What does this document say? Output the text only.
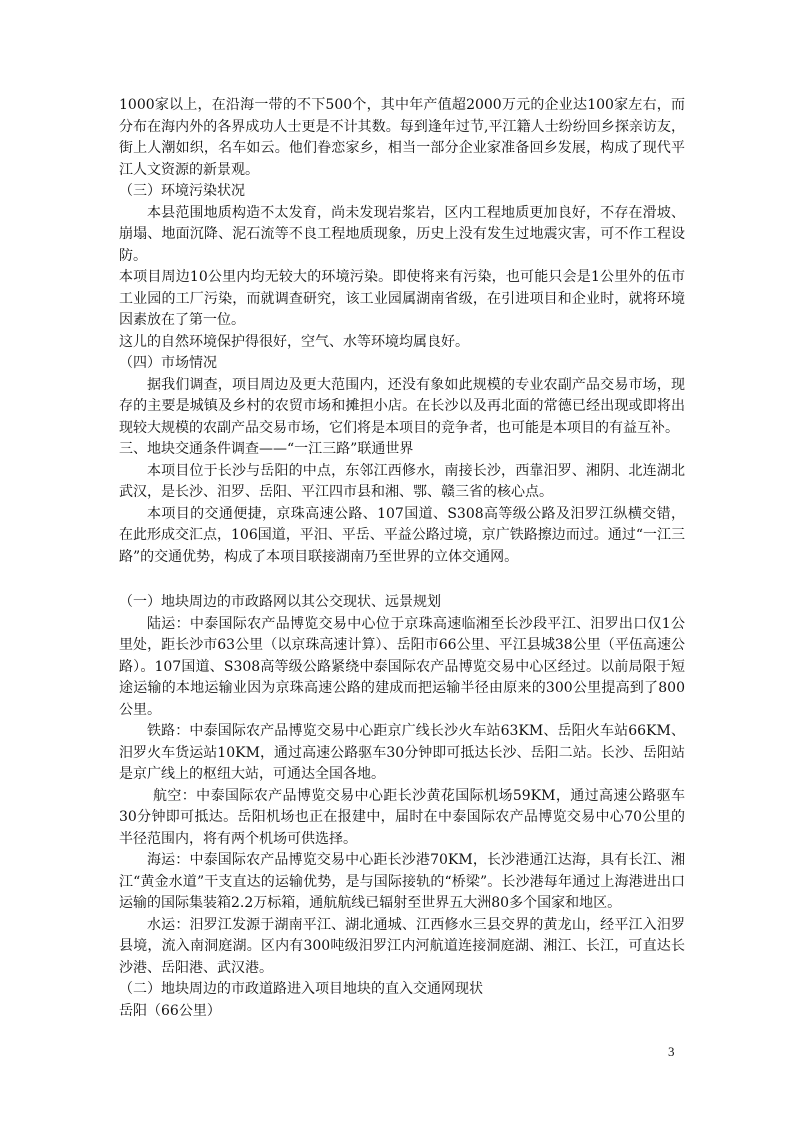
1000家以上，在沿海一带的不下500个，其中年产值超2000万元的企业达100家左右，而分布在海内外的各界成功人士更是不计其数。每到逢年过节,平江籍人士纷纷回乡探亲访友，街上人潮如织，名车如云。他们眷恋家乡，相当一部分企业家准备回乡发展，构成了现代平江人文资源的新景观。

（三）环境污染状况

本县范围地质构造不太发育，尚未发现岩浆岩，区内工程地质更加良好，不存在滑坡、崩塌、地面沉降、泥石流等不良工程地质现象，历史上没有发生过地震灾害，可不作工程设防。

本项目周边10公里内均无较大的环境污染。即使将来有污染，也可能只会是1公里外的伍市工业园的工厂污染，而就调查研究，该工业园属湖南省级，在引进项目和企业时，就将环境因素放在了第一位。

这儿的自然环境保护得很好，空气、水等环境均属良好。

（四）市场情况

据我们调查，项目周边及更大范围内，还没有象如此规模的专业农副产品交易市场，现存的主要是城镇及乡村的农贸市场和摊担小店。在长沙以及再北面的常德已经出现或即将出现较大规模的农副产品交易市场，它们将是本项目的竞争者，也可能是本项目的有益互补。

三、地块交通条件调查——“一江三路”联通世界

本项目位于长沙与岳阳的中点，东邻江西修水，南接长沙，西靠汨罗、湘阴、北连湖北武汉，是长沙、汨罗、岳阳、平江四市县和湘、鄂、赣三省的核心点。

本项目的交通便捷，京珠高速公路、107国道、S308高等级公路及汨罗江纵横交错，在此形成交汇点，106国道，平汨、平岳、平益公路过境，京广铁路擦边而过。通过“一江三路”的交通优势，构成了本项目联接湖南乃至世界的立体交通网。

（一）地块周边的市政路网以其公交现状、远景规划

陆运：中泰国际农产品博览交易中心位于京珠高速临湘至长沙段平江、汨罗出口仅1公里处，距长沙市63公里（以京珠高速计算）、岳阳市66公里、平江县城38公里（平伍高速公路）。107国道、S308高等级公路紧绕中泰国际农产品博览交易中心区经过。以前局限于短途运输的本地运输业因为京珠高速公路的建成而把运输半径由原来的300公里提高到了800公里。

铁路：中泰国际农产品博览交易中心距京广线长沙火车站63KM、岳阳火车站66KM、汨罗火车货运站10KM，通过高速公路驱车30分钟即可抵达长沙、岳阳二站。长沙、岳阳站是京广线上的枢纽大站，可通达全国各地。

航空：中泰国际农产品博览交易中心距长沙黄花国际机场59KM，通过高速公路驱车30分钟即可抵达。岳阳机场也正在报建中，届时在中泰国际农产品博览交易中心70公里的半径范围内，将有两个机场可供选择。

海运：中泰国际农产品博览交易中心距长沙港70KM，长沙港通江达海，具有长江、湘江“黄金水道”干支直达的运输优势，是与国际接轨的“桥梁”。长沙港每年通过上海港进出口运输的国际集装箱2.2万标箱，通航航线已辐射至世界五大洲80多个国家和地区。

水运：汨罗江发源于湖南平江、湖北通城、江西修水三县交界的黄龙山，经平江入汨罗县境，流入南洞庭湖。区内有300吨级汨罗江内河航道连接洞庭湖、湘江、长江，可直达长沙港、岳阳港、武汉港。

（二）地块周边的市政道路进入项目地块的直入交通网现状

岳阳（66公里）

3
